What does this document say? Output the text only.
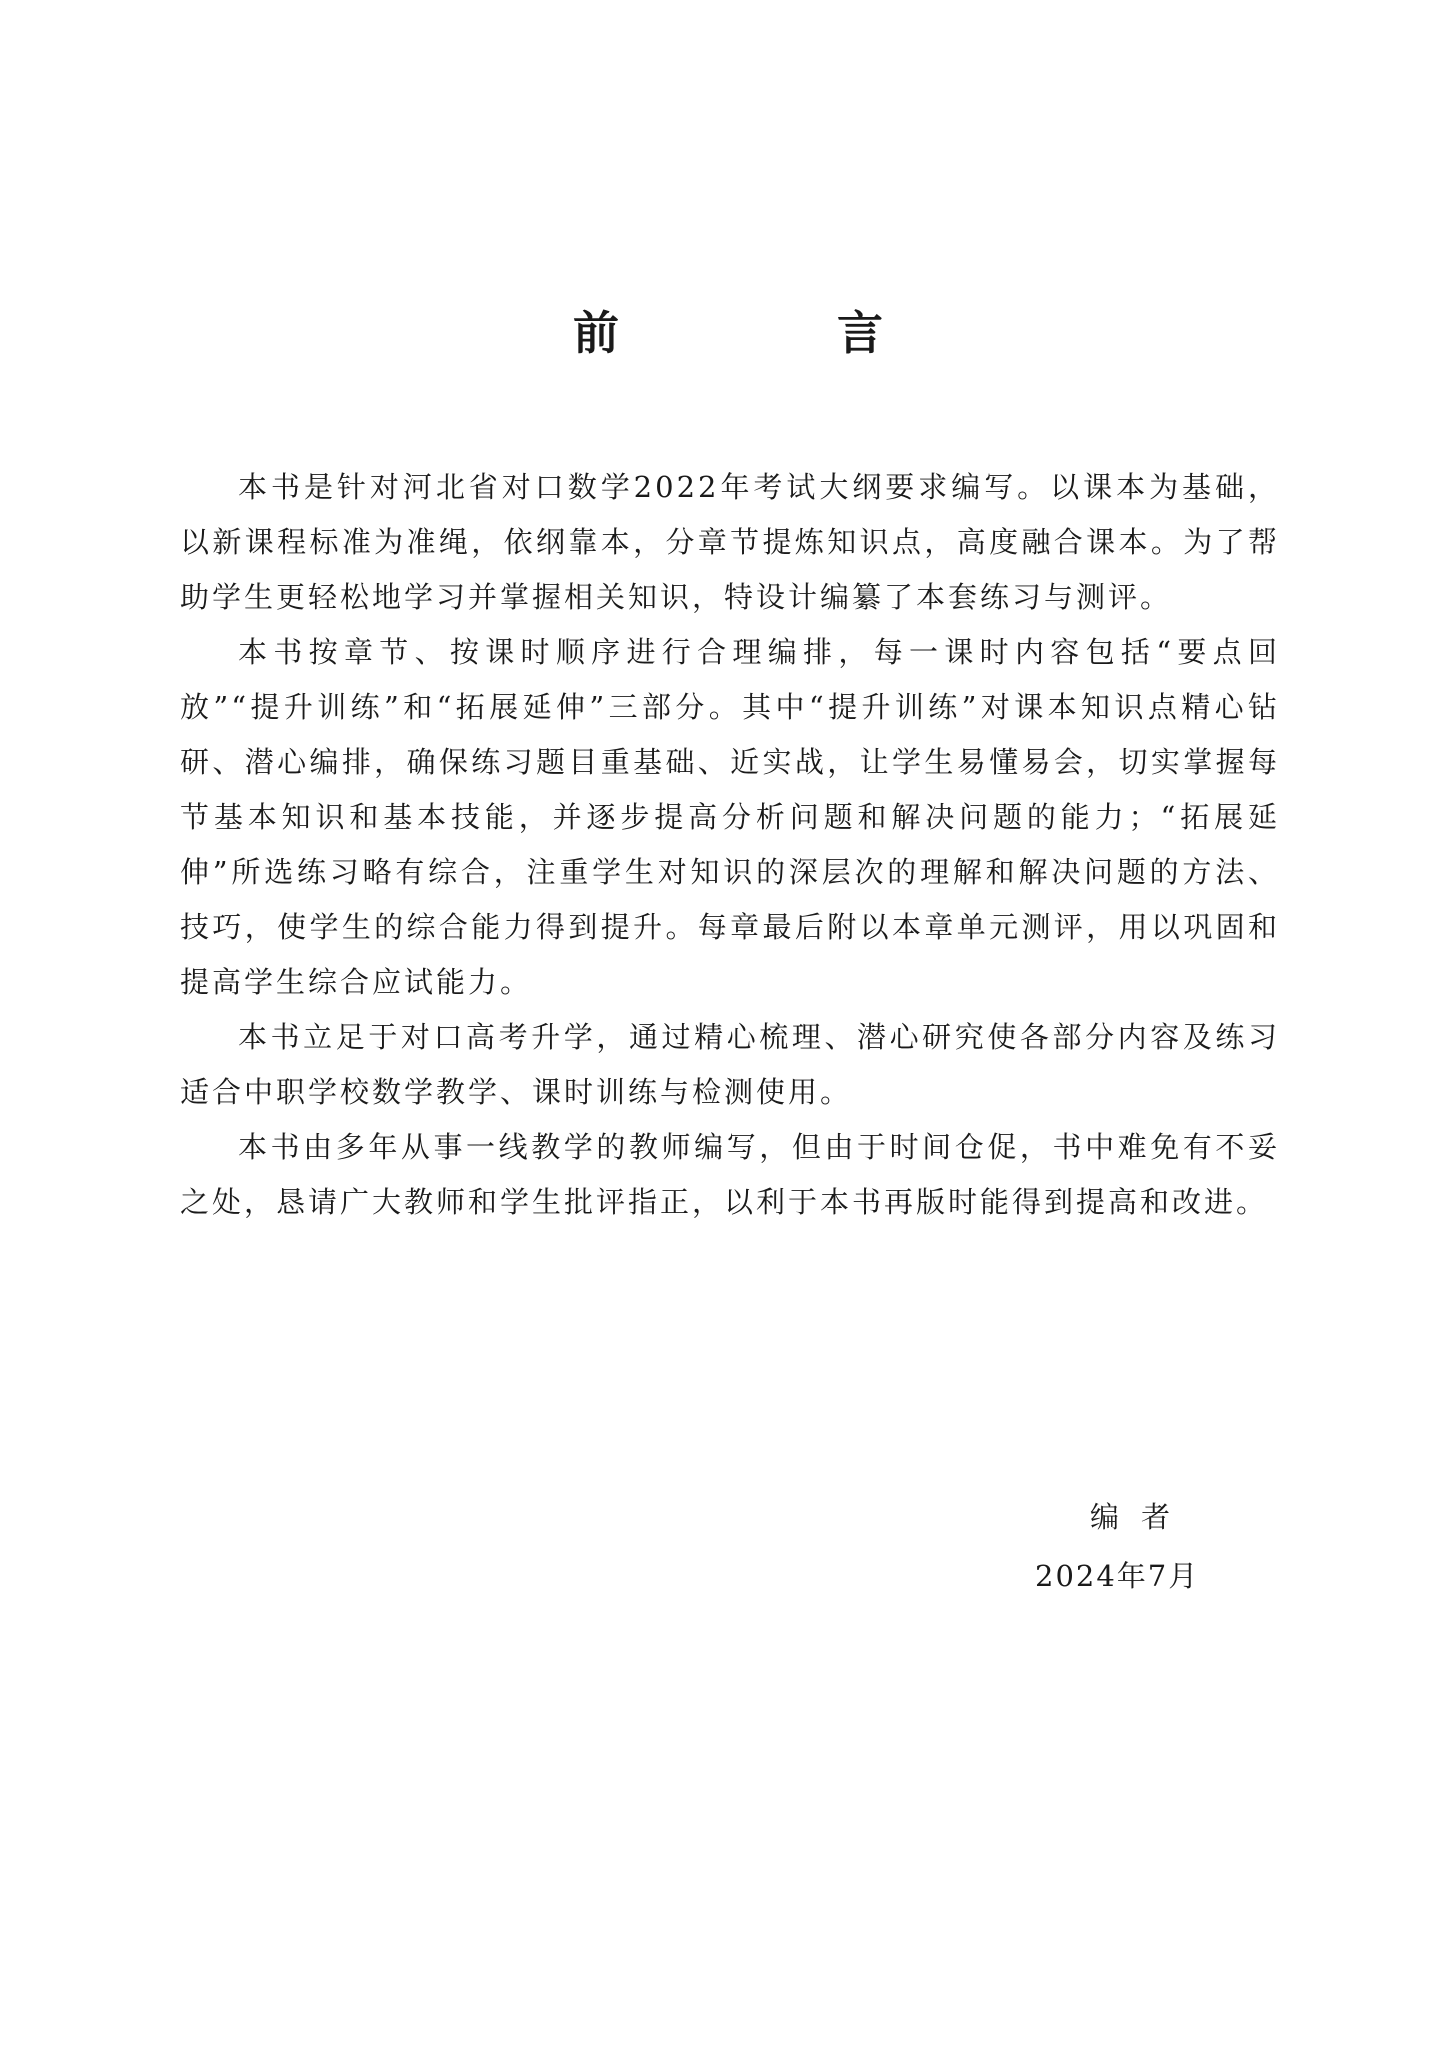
前　言

本书是针对河北省对口数学2022年考试大纲要求编写。以课本为基础，以新课程标准为准绳，依纲靠本，分章节提炼知识点，高度融合课本。为了帮助学生更轻松地学习并掌握相关知识，特设计编纂了本套练习与测评。

本书按章节、按课时顺序进行合理编排，每一课时内容包括“要点回放”“提升训练”和“拓展延伸”三部分。其中“提升训练”对课本知识点精心钻研、潜心编排，确保练习题目重基础、近实战，让学生易懂易会，切实掌握每节基本知识和基本技能，并逐步提高分析问题和解决问题的能力；“拓展延伸”所选练习略有综合，注重学生对知识的深层次的理解和解决问题的方法、技巧，使学生的综合能力得到提升。每章最后附以本章单元测评，用以巩固和提高学生综合应试能力。

本书立足于对口高考升学，通过精心梳理、潜心研究使各部分内容及练习适合中职学校数学教学、课时训练与检测使用。

本书由多年从事一线教学的教师编写，但由于时间仓促，书中难免有不妥之处，恳请广大教师和学生批评指正，以利于本书再版时能得到提高和改进。

编者

2024年7月
